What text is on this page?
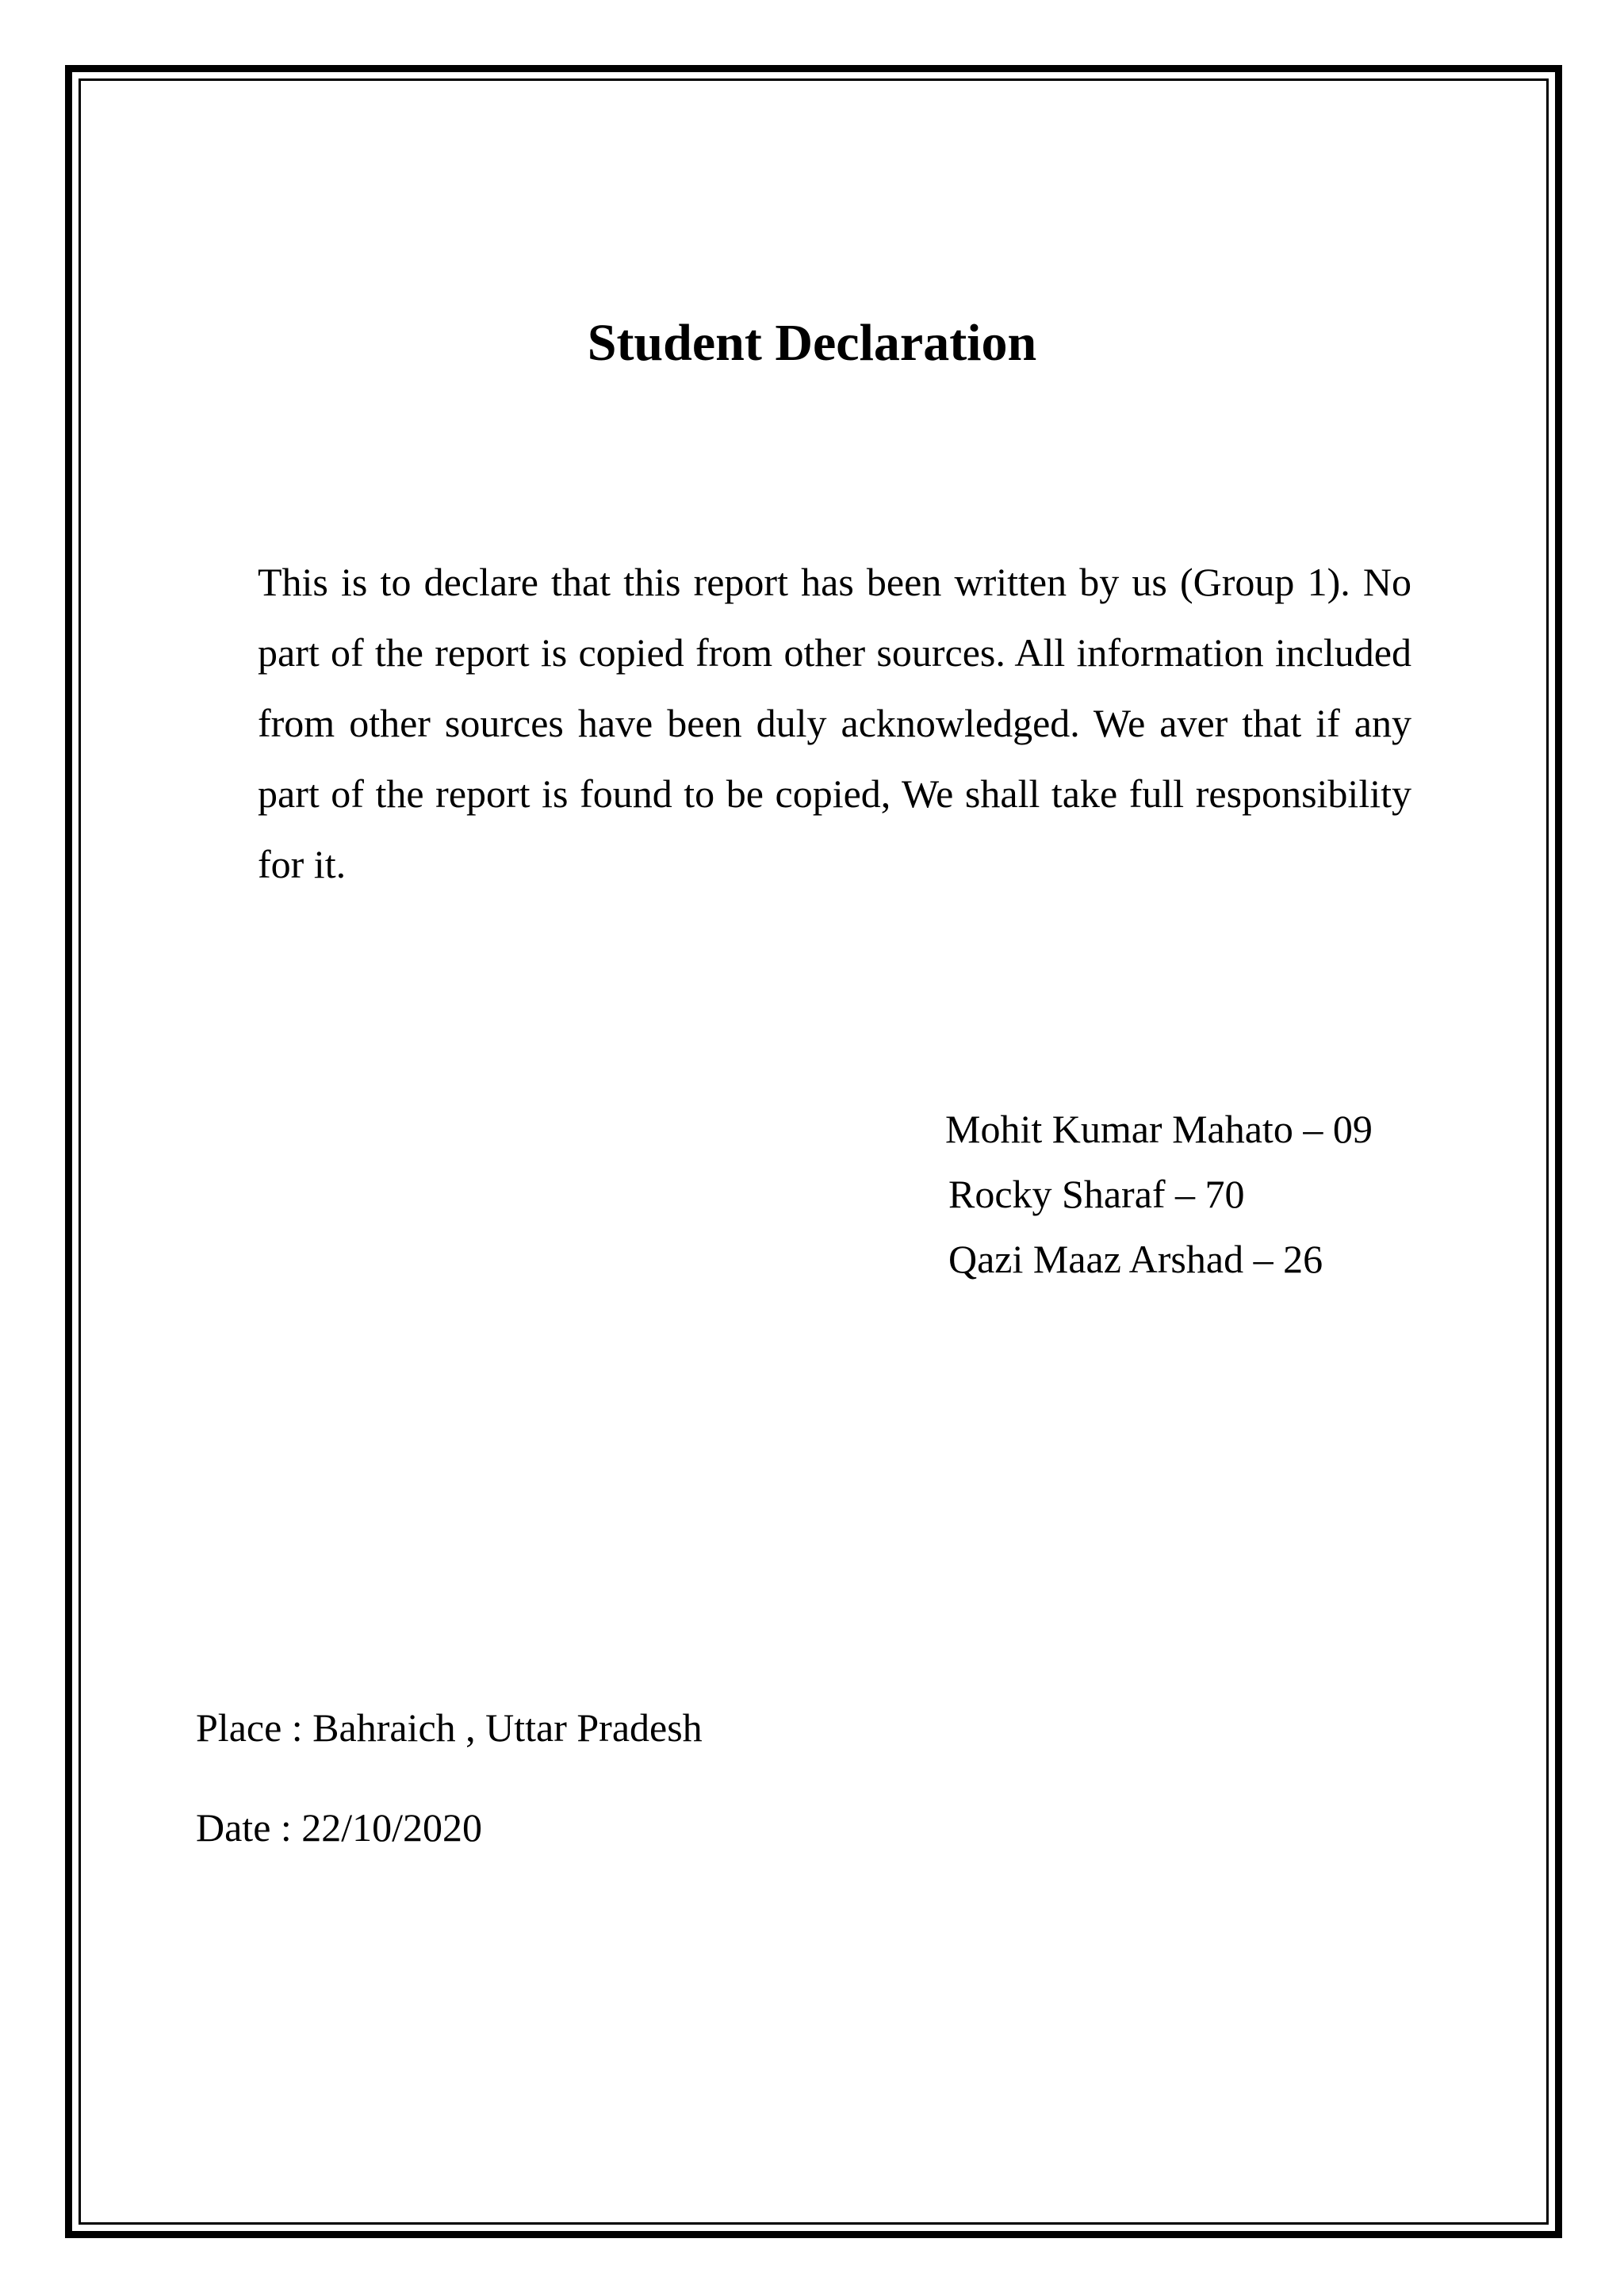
Student Declaration

This is to declare that this report has been written by us (Group 1). No part of the report is copied from other sources. All information included from other sources have been duly acknowledged. We aver that if any part of the report is found to be copied, We shall take full responsibility for it.

Mohit Kumar Mahato – 09
Rocky Sharaf – 70
Qazi Maaz Arshad – 26
Place : Bahraich , Uttar Pradesh
Date : 22/10/2020
